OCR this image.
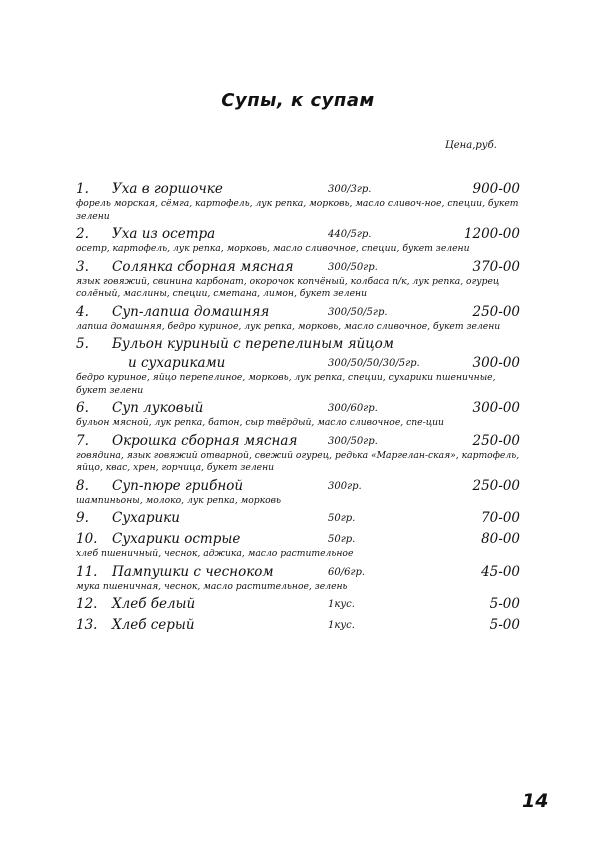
Супы, к супам
Цена,руб.
1.	Уха в горшочке	300/3гр.	900-00
форель морская, сёмга, картофель, лук репка, морковь, масло сливоч-ное, специи, букет зелени
2.	Уха из осетра	440/5гр.	1200-00
осетр, картофель, лук репка, морковь, масло сливочное, специи, букет зелени
3.	Солянка сборная мясная	300/50гр.	370-00
язык говяжий, свинина карбонат, окорочок копчёный, колбаса п/к, лук репка, огурец солёный, маслины, специи, сметана, лимон, букет зелени
4.	Суп-лапша домашняя	300/50/5гр.	250-00
лапша домашняя, бедро куриное, лук репка, морковь, масло сливочное, букет зелени
5.	Бульон куриный с перепелиным яйцом
и сухариками	300/50/50/30/5гр.	300-00
бедро куриное, яйцо перепелиное, морковь, лук репка, специи, сухарики пшеничные, букет зелени
6.	Суп луковый	300/60гр.	300-00
бульон мясной, лук репка, батон, сыр твёрдый, масло сливочное, спе-ции
7.	Окрошка сборная мясная	300/50гр.	250-00
говядина, язык говяжий отварной, свежий огурец, редька «Маргелан-ская», картофель, яйцо, квас, хрен, горчица, букет зелени
8.	Суп-пюре грибной	300гр.	250-00
шампиньоны, молоко, лук репка, морковь
9.	Сухарики	50гр.	70-00
10.	Сухарики острые	50гр.	80-00
хлеб пшеничный, чеснок, аджика, масло растительное
11.	Пампушки с чесноком	60/6гр.	45-00
мука пшеничная, чеснок, масло растительное, зелень
12.	Хлеб белый	1кус.	5-00
13.	Хлеб серый	1кус.	5-00
14
